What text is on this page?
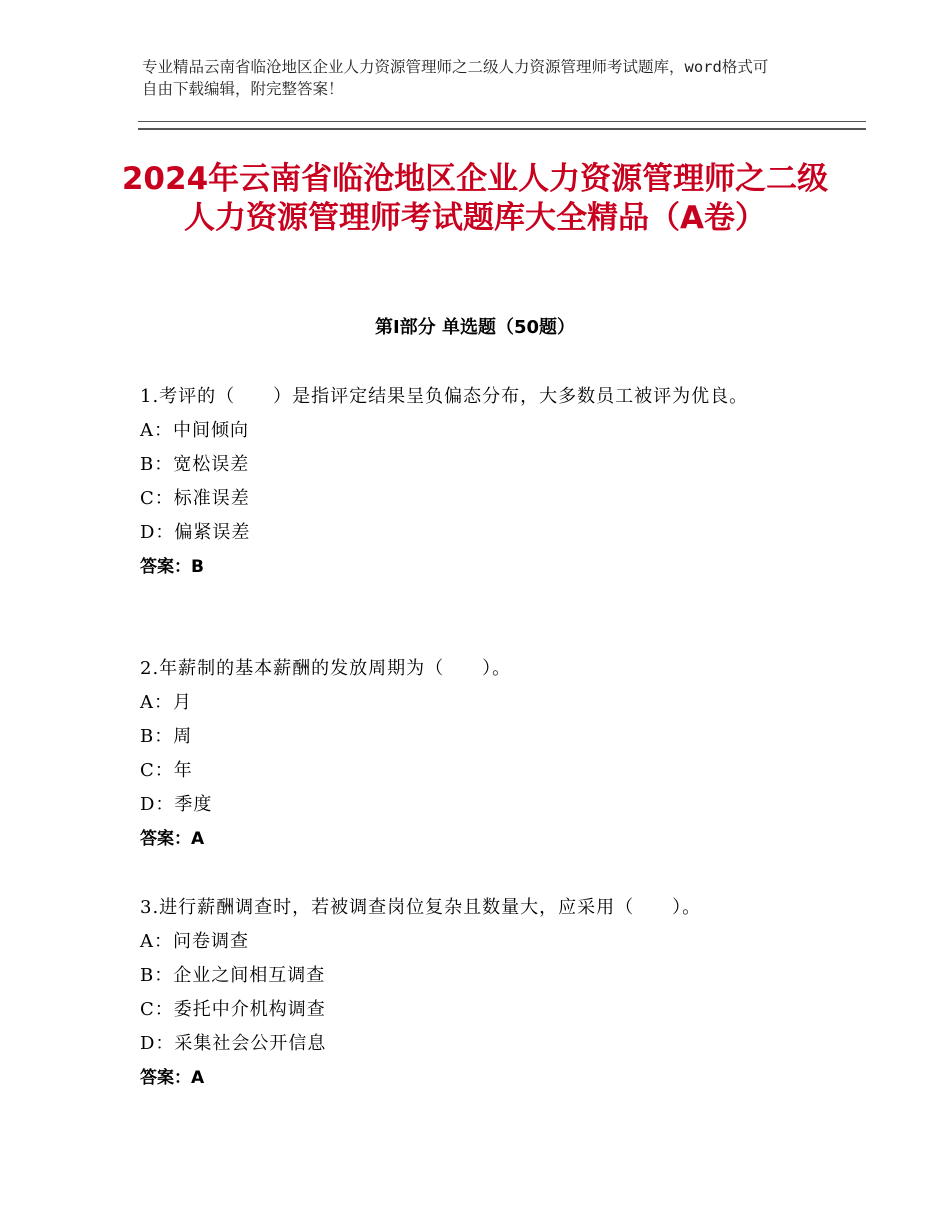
专业精品云南省临沧地区企业人力资源管理师之二级人力资源管理师考试题库，word格式可自由下载编辑，附完整答案！
2024年云南省临沧地区企业人力资源管理师之二级人力资源管理师考试题库大全精品（A卷）
第Ⅰ部分 单选题（50题）
1.考评的（　　）是指评定结果呈负偏态分布，大多数员工被评为优良。
A：中间倾向
B：宽松误差
C：标准误差
D：偏紧误差
答案：B
2.年薪制的基本薪酬的发放周期为（　　）。
A：月
B：周
C：年
D：季度
答案：A
3.进行薪酬调查时，若被调查岗位复杂且数量大，应采用（　　）。
A：问卷调查
B：企业之间相互调查
C：委托中介机构调查
D：采集社会公开信息
答案：A
